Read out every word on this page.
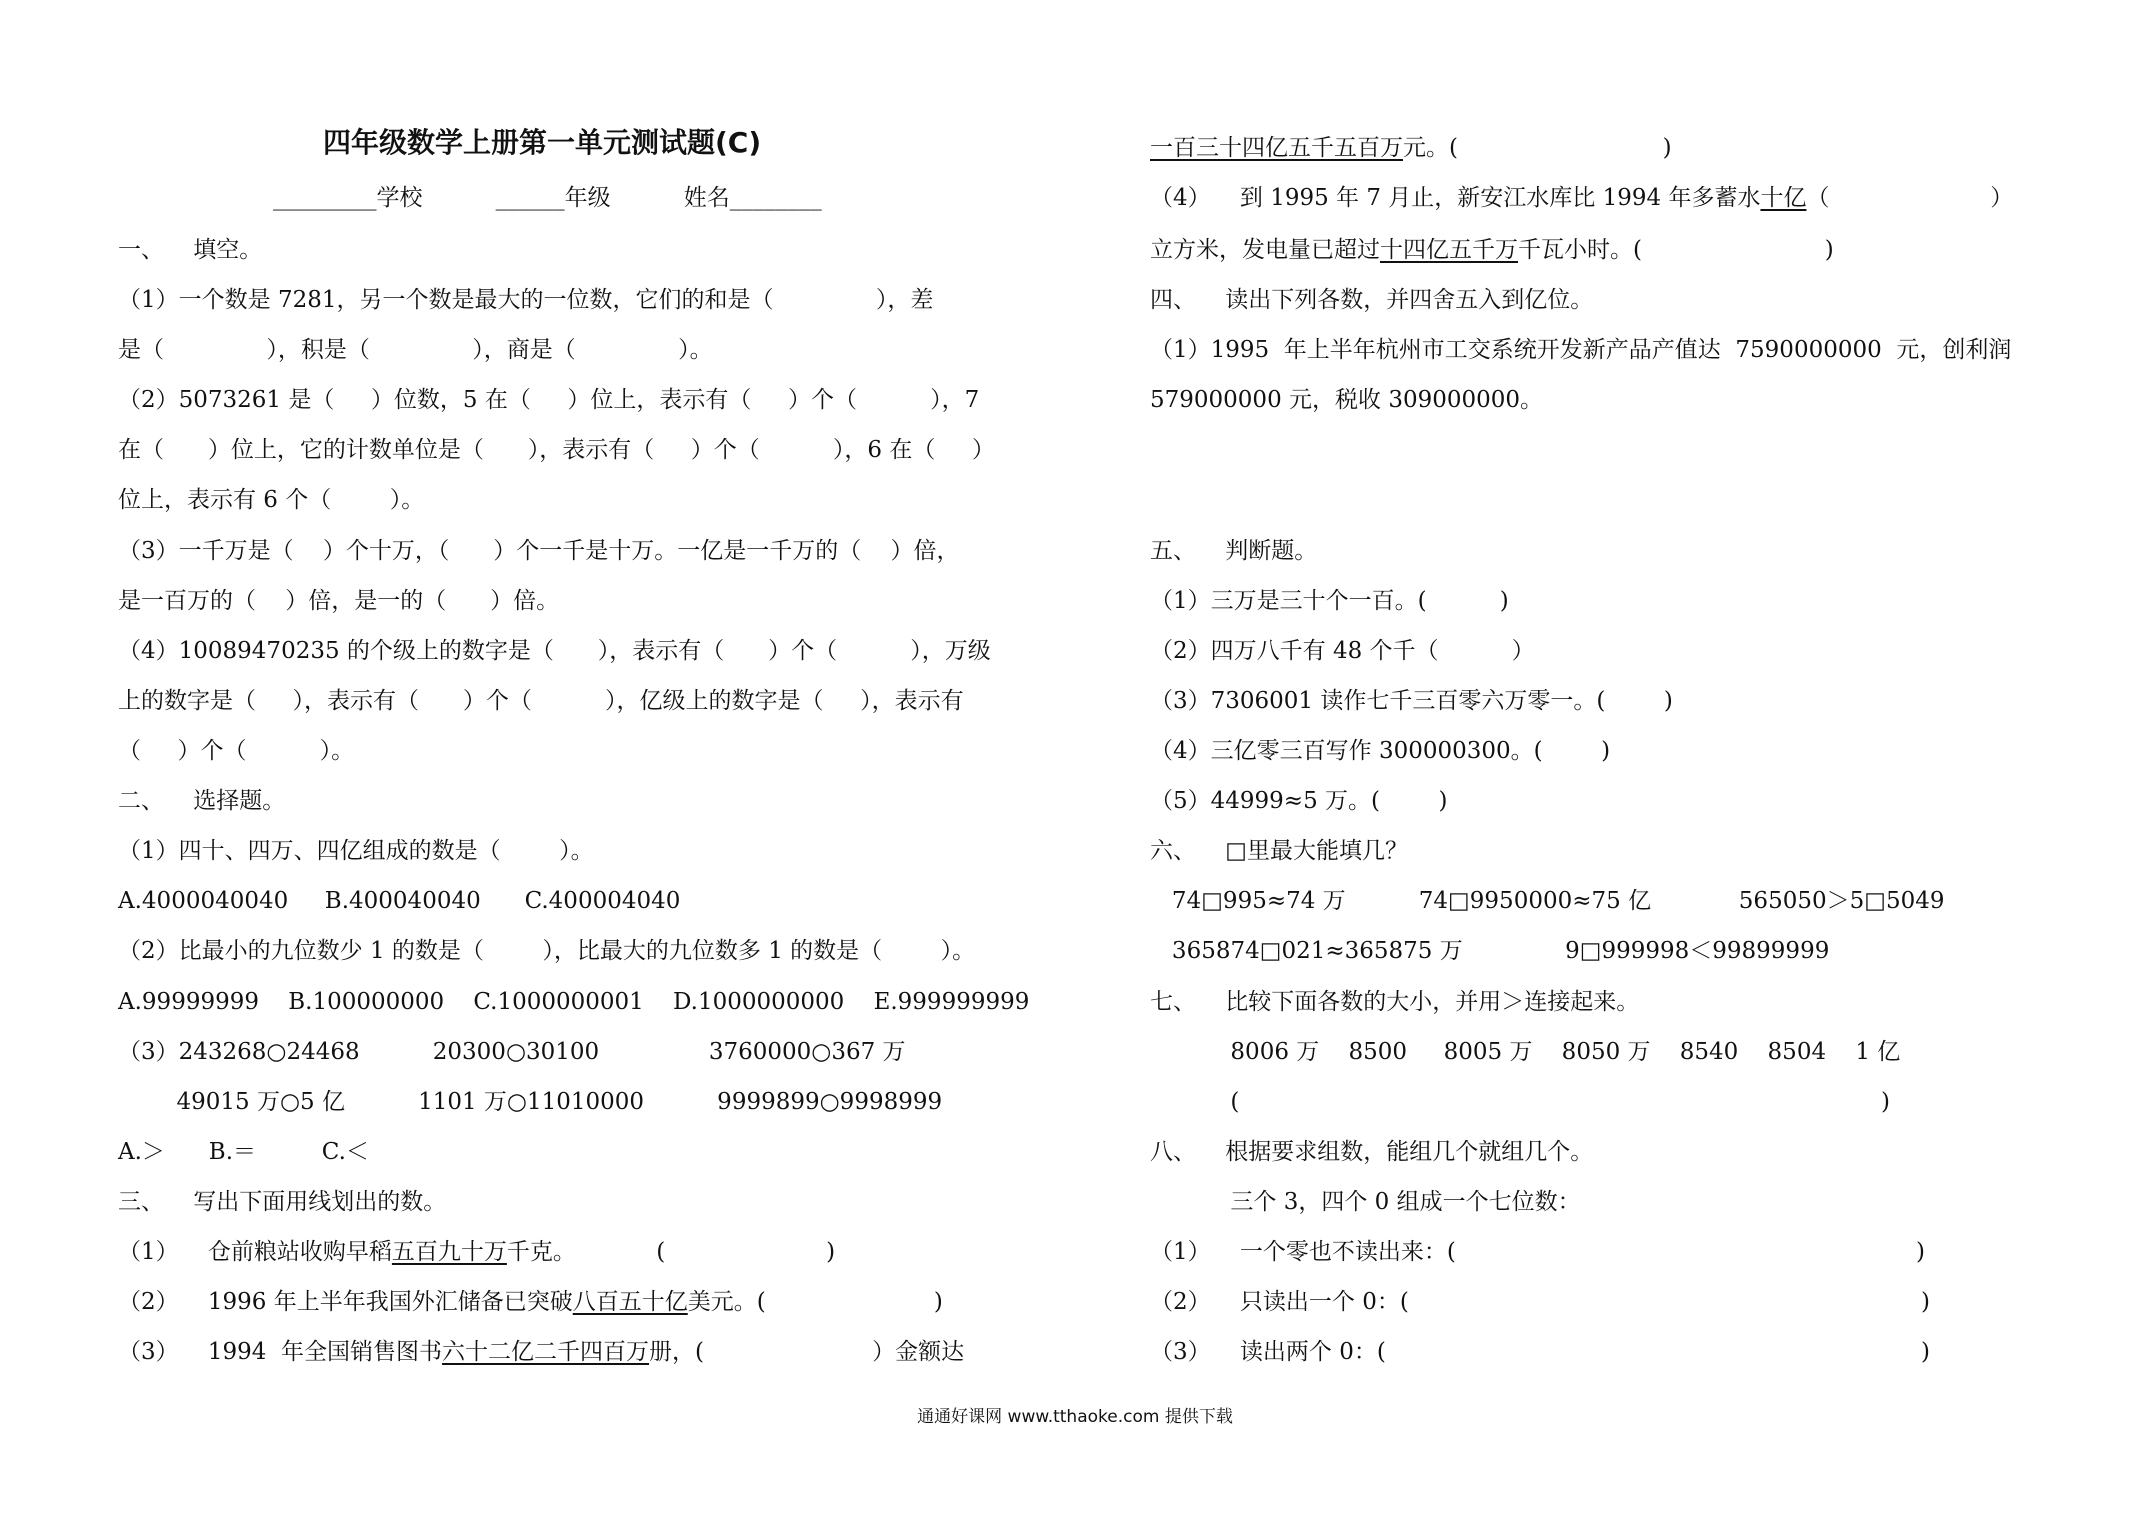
四年级数学上册第一单元测试题(C)
_________学校          ______年级          姓名________
一、    填空。
（1）一个数是 7281，另一个数是最大的一位数，它们的和是（              ），差
是（              ），积是（              ），商是（              ）。
（2）5073261 是（     ）位数，5 在（     ）位上，表示有（     ）个（          ），7
在（      ）位上，它的计数单位是（      ），表示有（     ）个（          ），6 在（     ）
位上，表示有 6 个（        ）。
（3）一千万是（    ）个十万，（      ）个一千是十万。一亿是一千万的（    ）倍，
是一百万的（    ）倍，是一的（      ）倍。
（4）10089470235 的个级上的数字是（      ），表示有（      ）个（          ），万级
上的数字是（     ），表示有（      ）个（          ），亿级上的数字是（     ），表示有
（     ）个（          ）。
二、    选择题。
（1）四十、四万、四亿组成的数是（        ）。
A.4000040040     B.400040040      C.400004040
（2）比最小的九位数少 1 的数是（        ），比最大的九位数多 1 的数是（        ）。
A.99999999    B.100000000    C.1000000001    D.1000000000    E.999999999
（3）243268○24468          20300○30100               3760000○367 万
49015 万○5 亿          1101 万○11010000          9999899○9998999
A.＞      B.＝         C.＜
三、    写出下面用线划出的数。
（1）    仓前粮站收购早稻五百九十万千克。           (                      )
（2）    1996 年上半年我国外汇储备已突破八百五十亿美元。(                       )
（3）    1994  年全国销售图书六十二亿二千四百万册，(                       ）金额达
一百三十四亿五千五百万元。(                            )
（4）    到 1995 年 7 月止，新安江水库比 1994 年多蓄水十亿（                      ）
立方米，发电量已超过十四亿五千万千瓦小时。(                         )
四、    读出下列各数，并四舍五入到亿位。
（1）1995  年上半年杭州市工交系统开发新产品产值达  7590000000  元，创利润
579000000 元，税收 309000000。
五、    判断题。
（1）三万是三十个一百。(          )
（2）四万八千有 48 个千（          ）
（3）7306001 读作七千三百零六万零一。(        )
（4）三亿零三百写作 300000300。(        )
（5）44999≈5 万。(        )
六、    □里最大能填几？
74□995≈74 万          74□9950000≈75 亿            565050＞5□5049
365874□021≈365875 万              9□999998＜99899999
七、    比较下面各数的大小，并用＞连接起来。
8006 万    8500     8005 万    8050 万    8540    8504    1 亿
(	)
八、    根据要求组数，能组几个就组几个。
三个 3，四个 0 组成一个七位数：
（1）    一个零也不读出来：(	)
（2）    只读出一个 0：(	)
（3）    读出两个 0：(	)
通通好课网 www.tthaoke.com 提供下载
